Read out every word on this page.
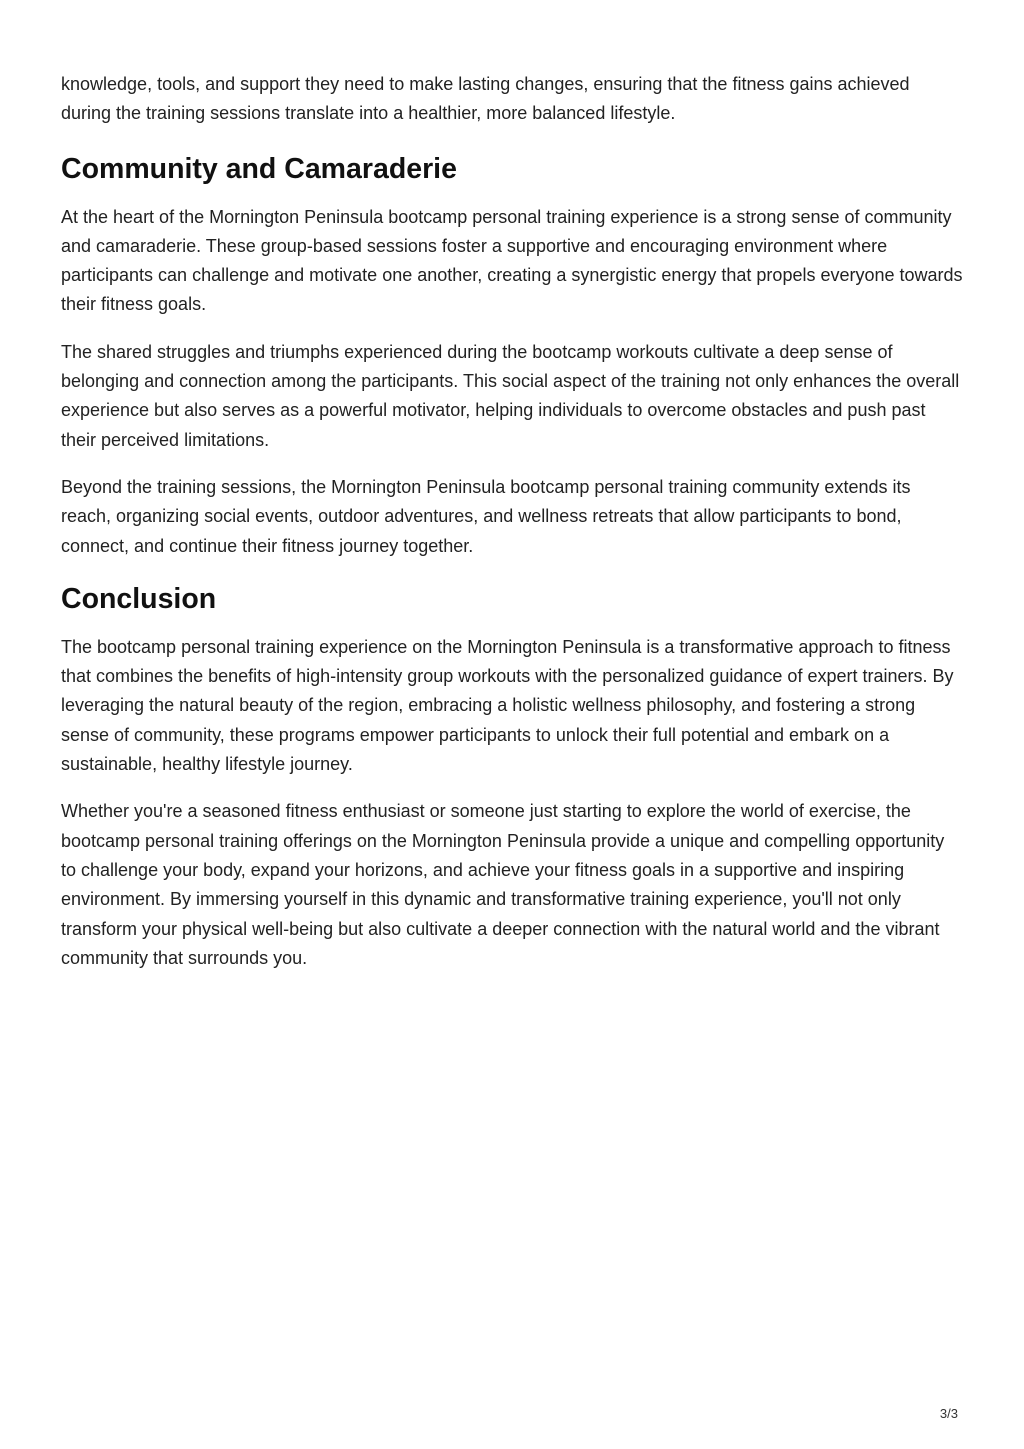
knowledge, tools, and support they need to make lasting changes, ensuring that the fitness gains achieved during the training sessions translate into a healthier, more balanced lifestyle.

Community and Camaraderie

At the heart of the Mornington Peninsula bootcamp personal training experience is a strong sense of community and camaraderie. These group-based sessions foster a supportive and encouraging environment where participants can challenge and motivate one another, creating a synergistic energy that propels everyone towards their fitness goals.

The shared struggles and triumphs experienced during the bootcamp workouts cultivate a deep sense of belonging and connection among the participants. This social aspect of the training not only enhances the overall experience but also serves as a powerful motivator, helping individuals to overcome obstacles and push past their perceived limitations.

Beyond the training sessions, the Mornington Peninsula bootcamp personal training community extends its reach, organizing social events, outdoor adventures, and wellness retreats that allow participants to bond, connect, and continue their fitness journey together.

Conclusion

The bootcamp personal training experience on the Mornington Peninsula is a transformative approach to fitness that combines the benefits of high-intensity group workouts with the personalized guidance of expert trainers. By leveraging the natural beauty of the region, embracing a holistic wellness philosophy, and fostering a strong sense of community, these programs empower participants to unlock their full potential and embark on a sustainable, healthy lifestyle journey.

Whether you're a seasoned fitness enthusiast or someone just starting to explore the world of exercise, the bootcamp personal training offerings on the Mornington Peninsula provide a unique and compelling opportunity to challenge your body, expand your horizons, and achieve your fitness goals in a supportive and inspiring environment. By immersing yourself in this dynamic and transformative training experience, you'll not only transform your physical well-being but also cultivate a deeper connection with the natural world and the vibrant community that surrounds you.

3/3
